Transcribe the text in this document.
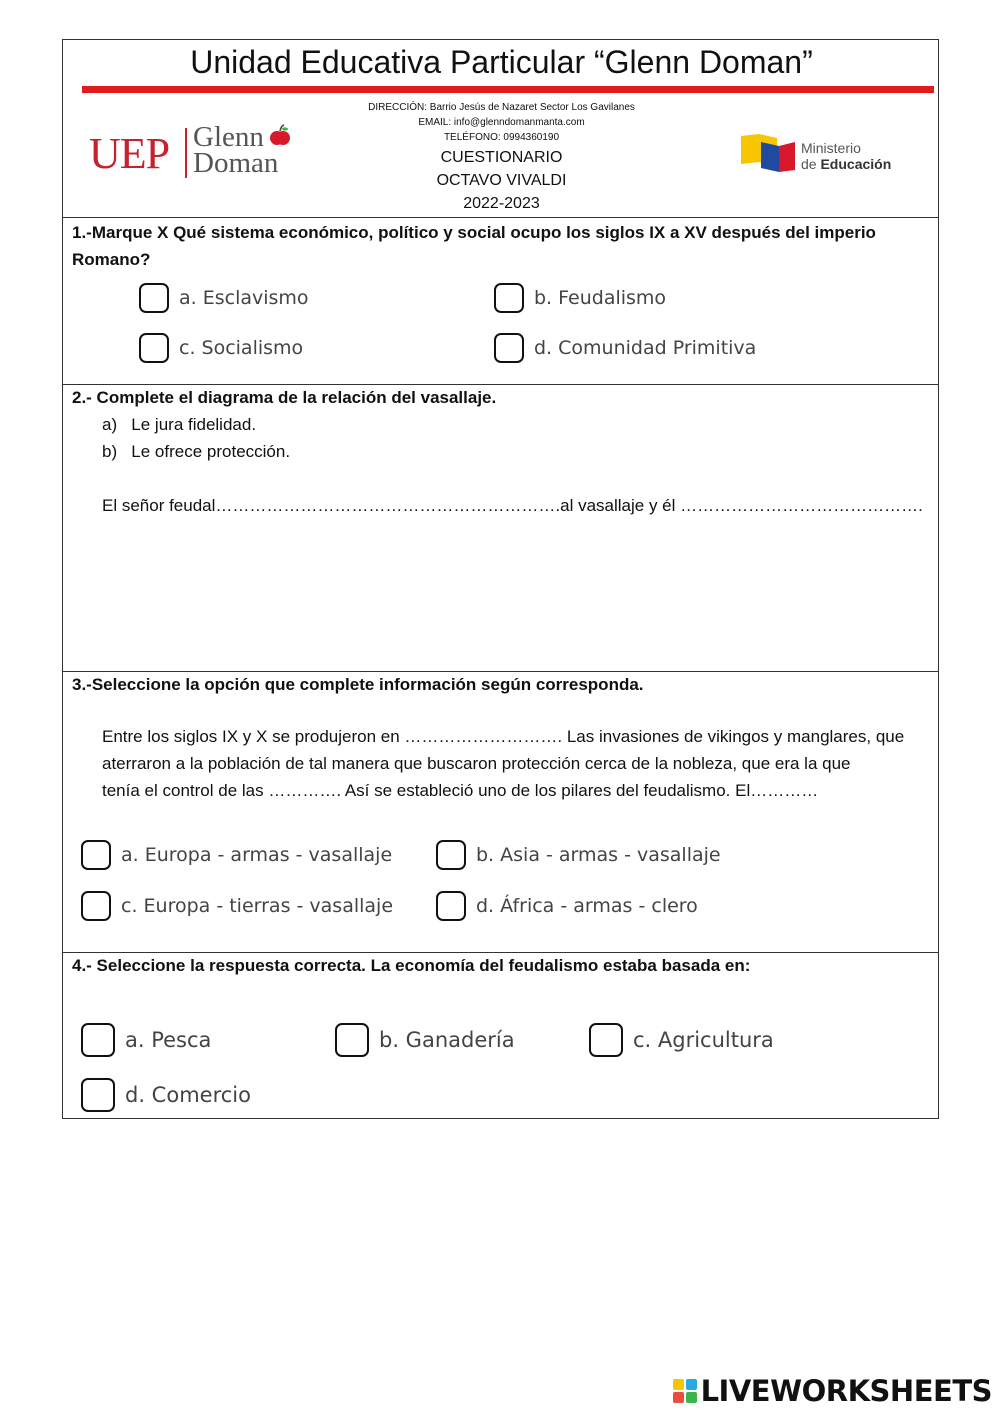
Unidad Educativa Particular “Glenn Doman”
UEP Glenn
Doman
DIRECCIÓN: Barrio Jesús de Nazaret Sector Los Gavilanes
EMAIL: info@glenndomanmanta.com
TELÉFONO: 0994360190
CUESTIONARIO
OCTAVO VIVALDI
2022-2023
Ministerio
de Educación
1.-Marque X Qué sistema económico, político y social ocupo los siglos IX a XV después del imperio
Romano?
a. Esclavismo	b. Feudalismo
c. Socialismo	d. Comunidad Primitiva
2.- Complete el diagrama de la relación del vasallaje.
a) Le jura fidelidad.
b) Le ofrece protección.
El señor feudal…………………………………………………….al vasallaje y él …………………………………….
3.-Seleccione la opción que complete información según corresponda.
Entre los siglos IX y X se produjeron en ………………………. Las invasiones de vikingos y manglares, que
aterraron a la población de tal manera que buscaron protección cerca de la nobleza, que era la que
tenía el control de las …………. Así se estableció uno de los pilares del feudalismo. El…………
a. Europa - armas - vasallaje	b. Asia - armas - vasallaje
c. Europa - tierras - vasallaje	d. África - armas - clero
4.- Seleccione la respuesta correcta. La economía del feudalismo estaba basada en:
a. Pesca	b. Ganadería	c. Agricultura
d. Comercio
LIVEWORKSHEETS
